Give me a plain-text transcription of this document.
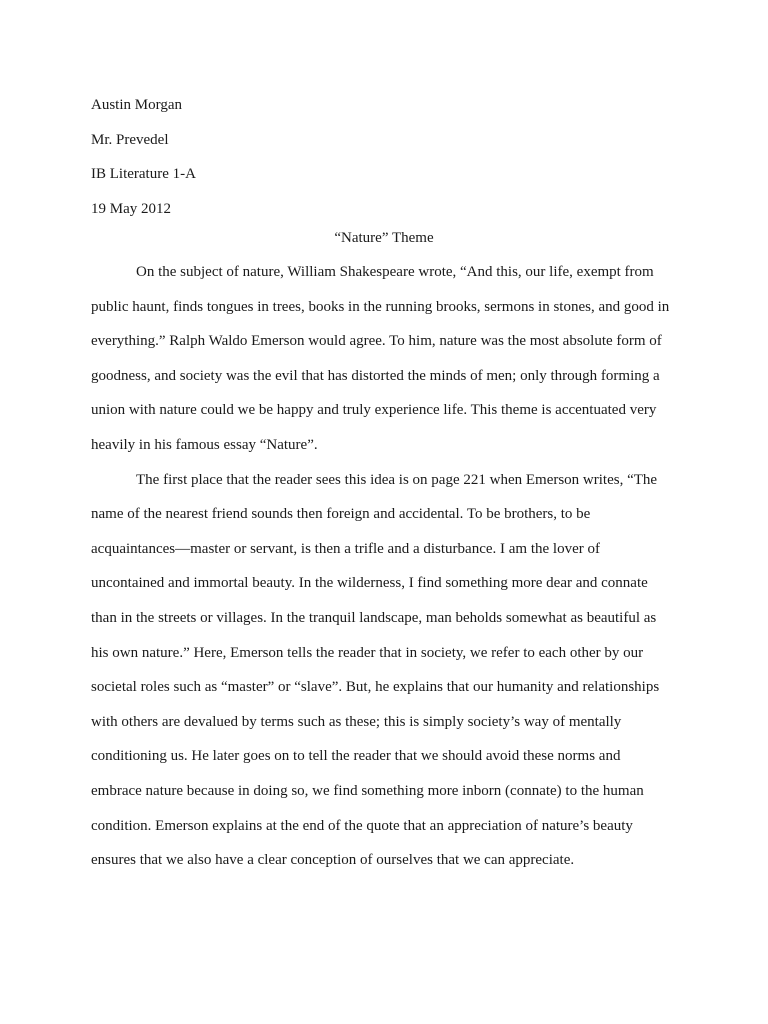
Austin Morgan
Mr. Prevedel
IB Literature 1-A
19 May 2012
“Nature” Theme
On the subject of nature, William Shakespeare wrote, “And this, our life, exempt from
public haunt, finds tongues in trees, books in the running brooks, sermons in stones, and good in
everything.” Ralph Waldo Emerson would agree. To him, nature was the most absolute form of
goodness, and society was the evil that has distorted the minds of men; only through forming a
union with nature could we be happy and truly experience life. This theme is accentuated very
heavily in his famous essay “Nature”.
The first place that the reader sees this idea is on page 221 when Emerson writes, “The
name of the nearest friend sounds then foreign and accidental. To be brothers, to be
acquaintances—master or servant, is then a trifle and a disturbance. I am the lover of
uncontained and immortal beauty. In the wilderness, I find something more dear and connate
than in the streets or villages. In the tranquil landscape, man beholds somewhat as beautiful as
his own nature.” Here, Emerson tells the reader that in society, we refer to each other by our
societal roles such as “master” or “slave”. But, he explains that our humanity and relationships
with others are devalued by terms such as these; this is simply society’s way of mentally
conditioning us. He later goes on to tell the reader that we should avoid these norms and
embrace nature because in doing so, we find something more inborn (connate) to the human
condition. Emerson explains at the end of the quote that an appreciation of nature’s beauty
ensures that we also have a clear conception of ourselves that we can appreciate.
